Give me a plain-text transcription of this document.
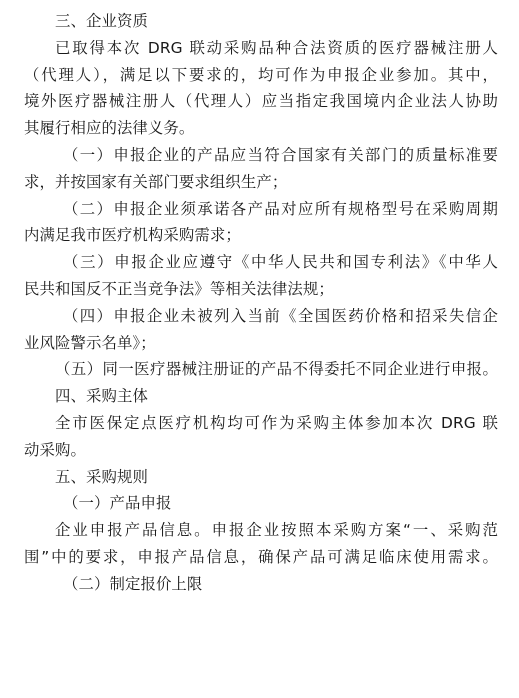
三、企业资质
已取得本次 DRG 联动采购品种合法资质的医疗器械注册人
（代理人），满足以下要求的，均可作为申报企业参加。其中，
境外医疗器械注册人（代理人）应当指定我国境内企业法人协助
其履行相应的法律义务。
（一）申报企业的产品应当符合国家有关部门的质量标准要
求，并按国家有关部门要求组织生产；
（二）申报企业须承诺各产品对应所有规格型号在采购周期
内满足我市医疗机构采购需求；
（三）申报企业应遵守《中华人民共和国专利法》《中华人
民共和国反不正当竞争法》等相关法律法规；
（四）申报企业未被列入当前《全国医药价格和招采失信企
业风险警示名单》；
（五）同一医疗器械注册证的产品不得委托不同企业进行申报。
四、采购主体
全市医保定点医疗机构均可作为采购主体参加本次 DRG 联
动采购。
五、采购规则
（一）产品申报
企业申报产品信息。申报企业按照本采购方案“一、采购范
围”中的要求，申报产品信息，确保产品可满足临床使用需求。
（二）制定报价上限
